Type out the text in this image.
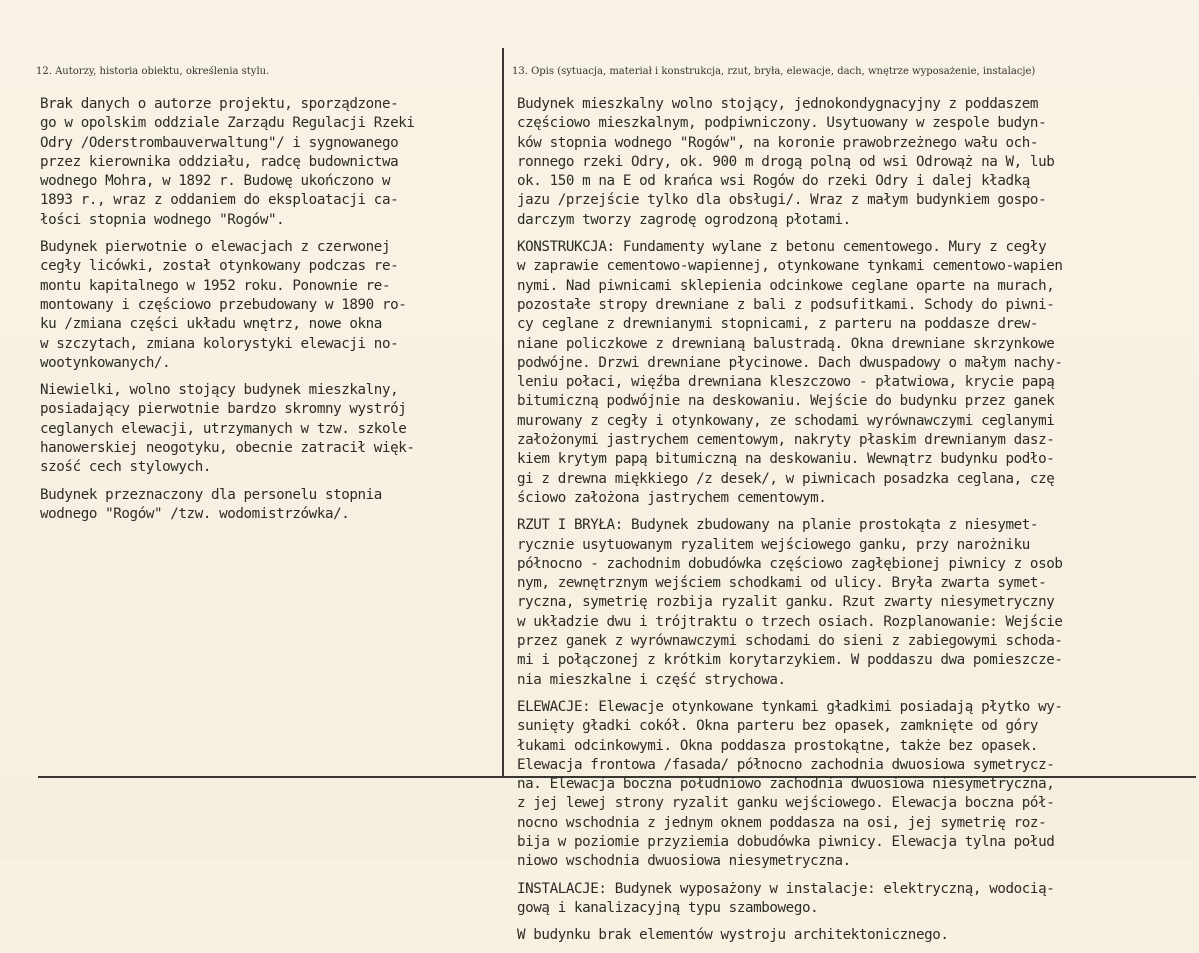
12. Autorzy, historia obiektu, określenia stylu.	13. Opis (sytuacja, materiał i konstrukcja, rzut, bryła, elewacje, dach, wnętrze wyposażenie, instalacje)
Brak danych o autorze projektu, sporządzone-
go w opolskim oddziale Zarządu Regulacji Rzeki
Odry /Oderstrombauverwaltung"/ i sygnowanego
przez kierownika oddziału, radcę budownictwa
wodnego Mohra, w 1892 r. Budowę ukończono w
1893 r., wraz z oddaniem do eksploatacji ca-
łości stopnia wodnego "Rogów".
Budynek pierwotnie o elewacjach z czerwonej
cegły licówki, został otynkowany podczas re-
montu kapitalnego w 1952 roku. Ponownie re-
montowany i częściowo przebudowany w 1890 ro-
ku /zmiana części układu wnętrz, nowe okna
w szczytach, zmiana kolorystyki elewacji no-
wootynkowanych/.
Niewielki, wolno stojący budynek mieszkalny,
posiadający pierwotnie bardzo skromny wystrój
ceglanych elewacji, utrzymanych w tzw. szkole
hanowerskiej neogotyku, obecnie zatracił więk-
szość cech stylowych.
Budynek przeznaczony dla personelu stopnia
wodnego "Rogów" /tzw. wodomistrzówka/.
Budynek mieszkalny wolno stojący, jednokondygnacyjny z poddaszem
częściowo mieszkalnym, podpiwniczony. Usytuowany w zespole budyn-
ków stopnia wodnego "Rogów", na koronie prawobrzeżnego wału och-
ronnego rzeki Odry, ok. 900 m drogą polną od wsi Odrowąż na W, lub
ok. 150 m na E od krańca wsi Rogów do rzeki Odry i dalej kładką
jazu /przejście tylko dla obsługi/. Wraz z małym budynkiem gospo-
darczym tworzy zagrodę ogrodzoną płotami.
KONSTRUKCJA: Fundamenty wylane z betonu cementowego. Mury z cegły
w zaprawie cementowo-wapiennej, otynkowane tynkami cementowo-wapien
nymi. Nad piwnicami sklepienia odcinkowe ceglane oparte na murach,
pozostałe stropy drewniane z bali z podsufitkami. Schody do piwni-
cy ceglane z drewnianymi stopnicami, z parteru na poddasze drew-
niane policzkowe z drewnianą balustradą. Okna drewniane skrzynkowe
podwójne. Drzwi drewniane płycinowe. Dach dwuspadowy o małym nachy-
leniu połaci, więźba drewniana kleszczowo - płatwiowa, krycie papą
bitumiczną podwójnie na deskowaniu. Wejście do budynku przez ganek
murowany z cegły i otynkowany, ze schodami wyrównawczymi ceglanymi
założonymi jastrychem cementowym, nakryty płaskim drewnianym dasz-
kiem krytym papą bitumiczną na deskowaniu. Wewnątrz budynku podło-
gi z drewna miękkiego /z desek/, w piwnicach posadzka ceglana, czę
ściowo założona jastrychem cementowym.
RZUT I BRYŁA: Budynek zbudowany na planie prostokąta z niesymet-
rycznie usytuowanym ryzalitem wejściowego ganku, przy narożniku
północno - zachodnim dobudówka częściowo zagłębionej piwnicy z osob
nym, zewnętrznym wejściem schodkami od ulicy. Bryła zwarta symet-
ryczna, symetrię rozbija ryzalit ganku. Rzut zwarty niesymetryczny
w układzie dwu i trójtraktu o trzech osiach. Rozplanowanie: Wejście
przez ganek z wyrównawczymi schodami do sieni z zabiegowymi schoda-
mi i połączonej z krótkim korytarzykiem. W poddaszu dwa pomieszcze-
nia mieszkalne i część strychowa.
ELEWACJE: Elewacje otynkowane tynkami gładkimi posiadają płytko wy-
sunięty gładki cokół. Okna parteru bez opasek, zamknięte od góry
łukami odcinkowymi. Okna poddasza prostokątne, także bez opasek.
Elewacja frontowa /fasada/ północno zachodnia dwuosiowa symetrycz-
na. Elewacja boczna południowo zachodnia dwuosiowa niesymetryczna,
z jej lewej strony ryzalit ganku wejściowego. Elewacja boczna pół-
nocno wschodnia z jednym oknem poddasza na osi, jej symetrię roz-
bija w poziomie przyziemia dobudówka piwnicy. Elewacja tylna połud
niowo wschodnia dwuosiowa niesymetryczna.
INSTALACJE: Budynek wyposażony w instalacje: elektryczną, wodocią-
gową i kanalizacyjną typu szambowego.
W budynku brak elementów wystroju architektonicznego.
